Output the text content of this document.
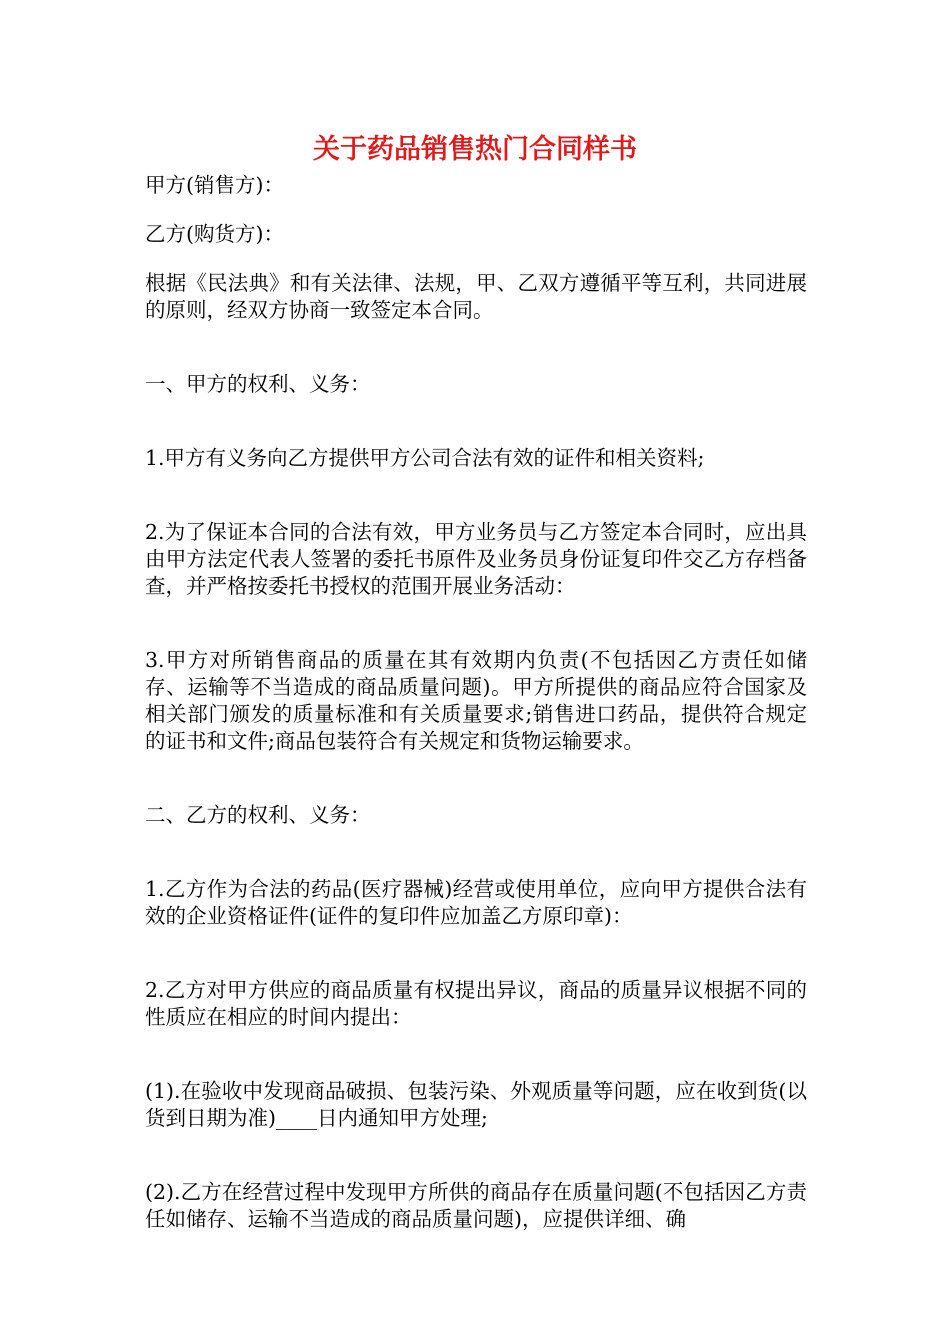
关于药品销售热门合同样书

甲方(销售方)：

乙方(购货方)：

根据《民法典》和有关法律、法规，甲、乙双方遵循平等互利，共同进展的原则，经双方协商一致签定本合同。

一、甲方的权利、义务：

1.甲方有义务向乙方提供甲方公司合法有效的证件和相关资料;

2.为了保证本合同的合法有效，甲方业务员与乙方签定本合同时，应出具由甲方法定代表人签署的委托书原件及业务员身份证复印件交乙方存档备查，并严格按委托书授权的范围开展业务活动：

3.甲方对所销售商品的质量在其有效期内负责(不包括因乙方责任如储存、运输等不当造成的商品质量问题)。甲方所提供的商品应符合国家及相关部门颁发的质量标准和有关质量要求;销售进口药品，提供符合规定的证书和文件;商品包装符合有关规定和货物运输要求。

二、乙方的权利、义务：

1.乙方作为合法的药品(医疗器械)经营或使用单位，应向甲方提供合法有效的企业资格证件(证件的复印件应加盖乙方原印章)：

2.乙方对甲方供应的商品质量有权提出异议，商品的质量异议根据不同的性质应在相应的时间内提出：

(1).在验收中发现商品破损、包装污染、外观质量等问题，应在收到货(以货到日期为准)____日内通知甲方处理;

(2).乙方在经营过程中发现甲方所供的商品存在质量问题(不包括因乙方责任如储存、运输不当造成的商品质量问题)，应提供详细、确
